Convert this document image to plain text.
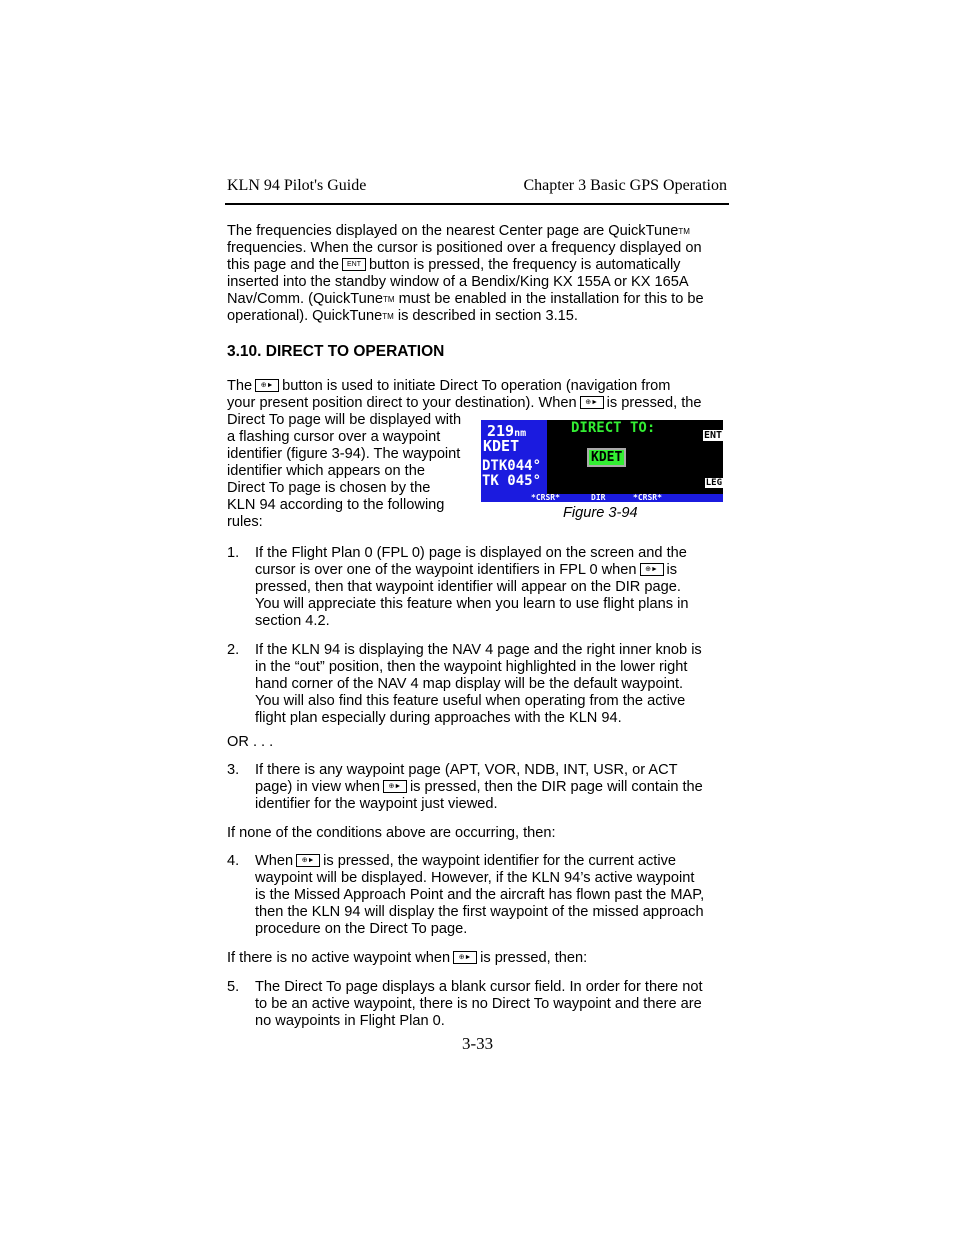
KLN 94 Pilot's Guide	Chapter 3 Basic GPS Operation
The frequencies displayed on the nearest Center page are QuickTune™
frequencies. When the cursor is positioned over a frequency displayed on
this page and the ENT button is pressed, the frequency is automatically
inserted into the standby window of a Bendix/King KX 155A or KX 165A
Nav/Comm. (QuickTune™ must be enabled in the installation for this to be
operational). QuickTune™ is described in section 3.15.
3.10. DIRECT TO OPERATION
The ⊕► button is used to initiate Direct To operation (navigation from
your present position direct to your destination). When ⊕► is pressed, the
Direct To page will be displayed with
a flashing cursor over a waypoint
identifier (figure 3-94). The waypoint
identifier which appears on the
Direct To page is chosen by the
KLN 94 according to the following
rules:
219nm
KDET
DTK044°
TK 045°
DIRECT TO:
KDET
ENT
LEG
*CRSR*	DIR	*CRSR*
Figure 3-94
1. If the Flight Plan 0 (FPL 0) page is displayed on the screen and the
cursor is over one of the waypoint identifiers in FPL 0 when ⊕► is
pressed, then that waypoint identifier will appear on the DIR page.
You will appreciate this feature when you learn to use flight plans in
section 4.2.
2. If the KLN 94 is displaying the NAV 4 page and the right inner knob is
in the “out” position, then the waypoint highlighted in the lower right
hand corner of the NAV 4 map display will be the default waypoint.
You will also find this feature useful when operating from the active
flight plan especially during approaches with the KLN 94.
OR . . .
3. If there is any waypoint page (APT, VOR, NDB, INT, USR, or ACT
page) in view when ⊕► is pressed, then the DIR page will contain the
identifier for the waypoint just viewed.
If none of the conditions above are occurring, then:
4. When ⊕► is pressed, the waypoint identifier for the current active
waypoint will be displayed. However, if the KLN 94’s active waypoint
is the Missed Approach Point and the aircraft has flown past the MAP,
then the KLN 94 will display the first waypoint of the missed approach
procedure on the Direct To page.
If there is no active waypoint when ⊕► is pressed, then:
5. The Direct To page displays a blank cursor field. In order for there not
to be an active waypoint, there is no Direct To waypoint and there are
no waypoints in Flight Plan 0.
3-33
